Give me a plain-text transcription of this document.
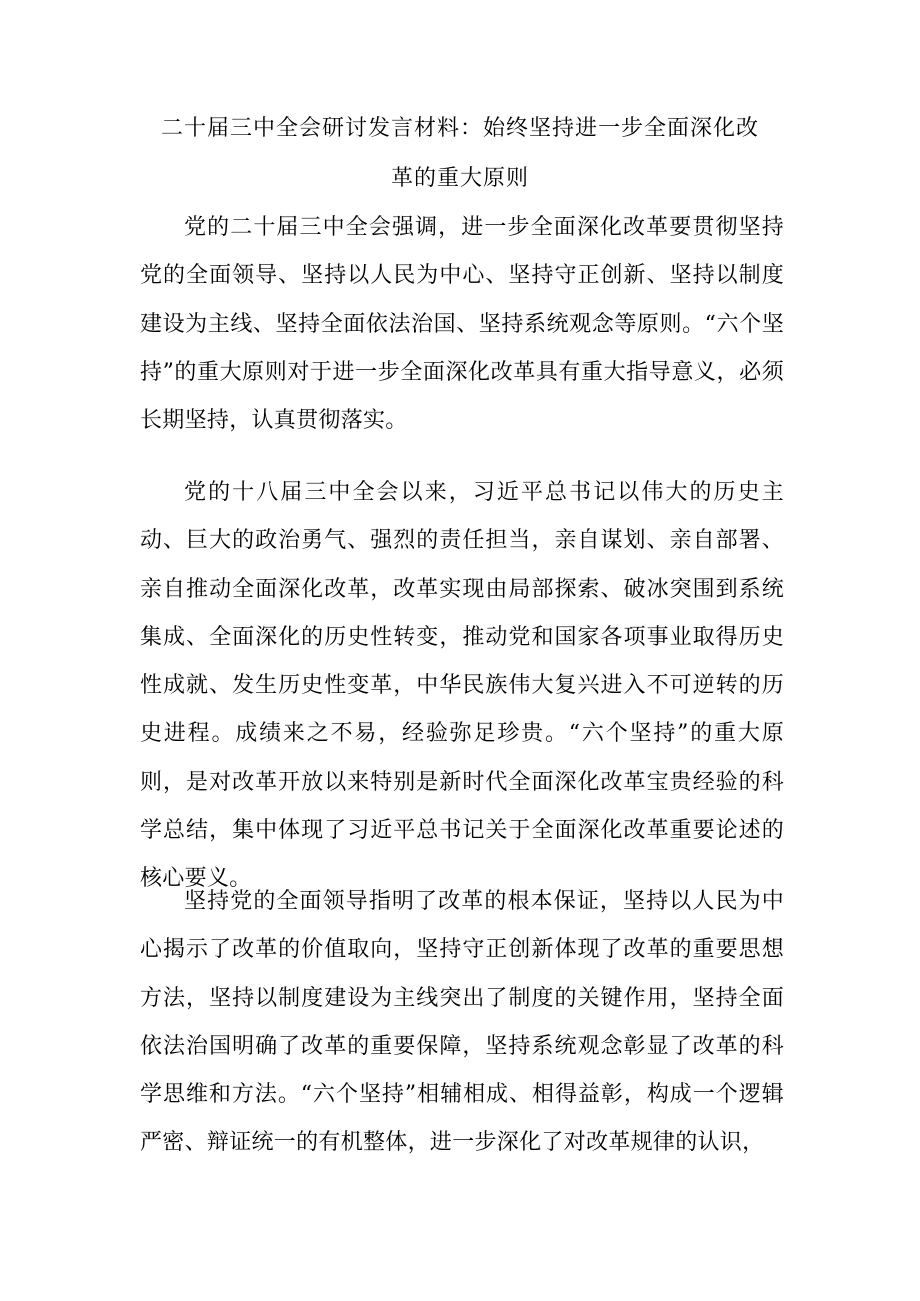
二十届三中全会研讨发言材料：始终坚持进一步全面深化改
革的重大原则

党的二十届三中全会强调，进一步全面深化改革要贯彻坚持党的全面领导、坚持以人民为中心、坚持守正创新、坚持以制度建设为主线、坚持全面依法治国、坚持系统观念等原则。“六个坚持”的重大原则对于进一步全面深化改革具有重大指导意义，必须长期坚持，认真贯彻落实。

党的十八届三中全会以来，习近平总书记以伟大的历史主动、巨大的政治勇气、强烈的责任担当，亲自谋划、亲自部署、亲自推动全面深化改革，改革实现由局部探索、破冰突围到系统集成、全面深化的历史性转变，推动党和国家各项事业取得历史性成就、发生历史性变革，中华民族伟大复兴进入不可逆转的历史进程。成绩来之不易，经验弥足珍贵。“六个坚持”的重大原则，是对改革开放以来特别是新时代全面深化改革宝贵经验的科学总结，集中体现了习近平总书记关于全面深化改革重要论述的核心要义。

坚持党的全面领导指明了改革的根本保证，坚持以人民为中心揭示了改革的价值取向，坚持守正创新体现了改革的重要思想方法，坚持以制度建设为主线突出了制度的关键作用，坚持全面依法治国明确了改革的重要保障，坚持系统观念彰显了改革的科学思维和方法。“六个坚持”相辅相成、相得益彰，构成一个逻辑严密、辩证统一的有机整体，进一步深化了对改革规律的认识，
